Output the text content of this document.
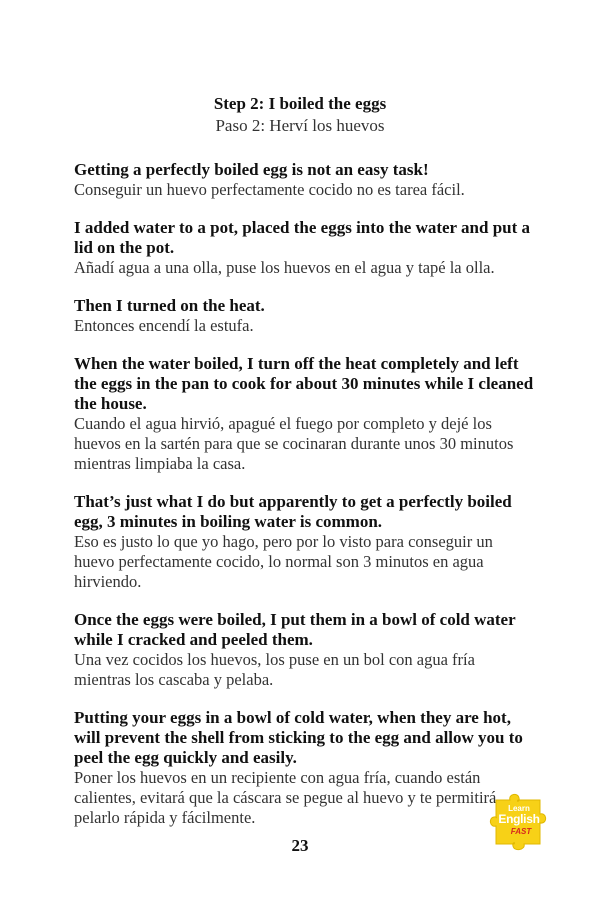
Step 2: I boiled the eggs
Paso 2: Herví los huevos
Getting a perfectly boiled egg is not an easy task!
Conseguir un huevo perfectamente cocido no es tarea fácil.
I added water to a pot, placed the eggs into the water and put a lid on the pot.
Añadí agua a una olla, puse los huevos en el agua y tapé la olla.
Then I turned on the heat.
Entonces encendí la estufa.
When the water boiled, I turn off the heat completely and left the eggs in the pan to cook for about 30 minutes while I cleaned the house.
Cuando el agua hirvió, apagué el fuego por completo y dejé los huevos en la sartén para que se cocinaran durante unos 30 minutos mientras limpiaba la casa.
That’s just what I do but apparently to get a perfectly boiled egg, 3 minutes in boiling water is common.
Eso es justo lo que yo hago, pero por lo visto para conseguir un huevo perfectamente cocido, lo normal son 3 minutos en agua hirviendo.
Once the eggs were boiled, I put them in a bowl of cold water while I cracked and peeled them.
Una vez cocidos los huevos, los puse en un bol con agua fría mientras los cascaba y pelaba.
Putting your eggs in a bowl of cold water, when they are hot, will prevent the shell from sticking to the egg and allow you to peel the egg quickly and easily.
Poner los huevos en un recipiente con agua fría, cuando están calientes, evitará que la cáscara se pegue al huevo y te permitirá pelarlo rápida y fácilmente.	Learn
English
FAST
23
